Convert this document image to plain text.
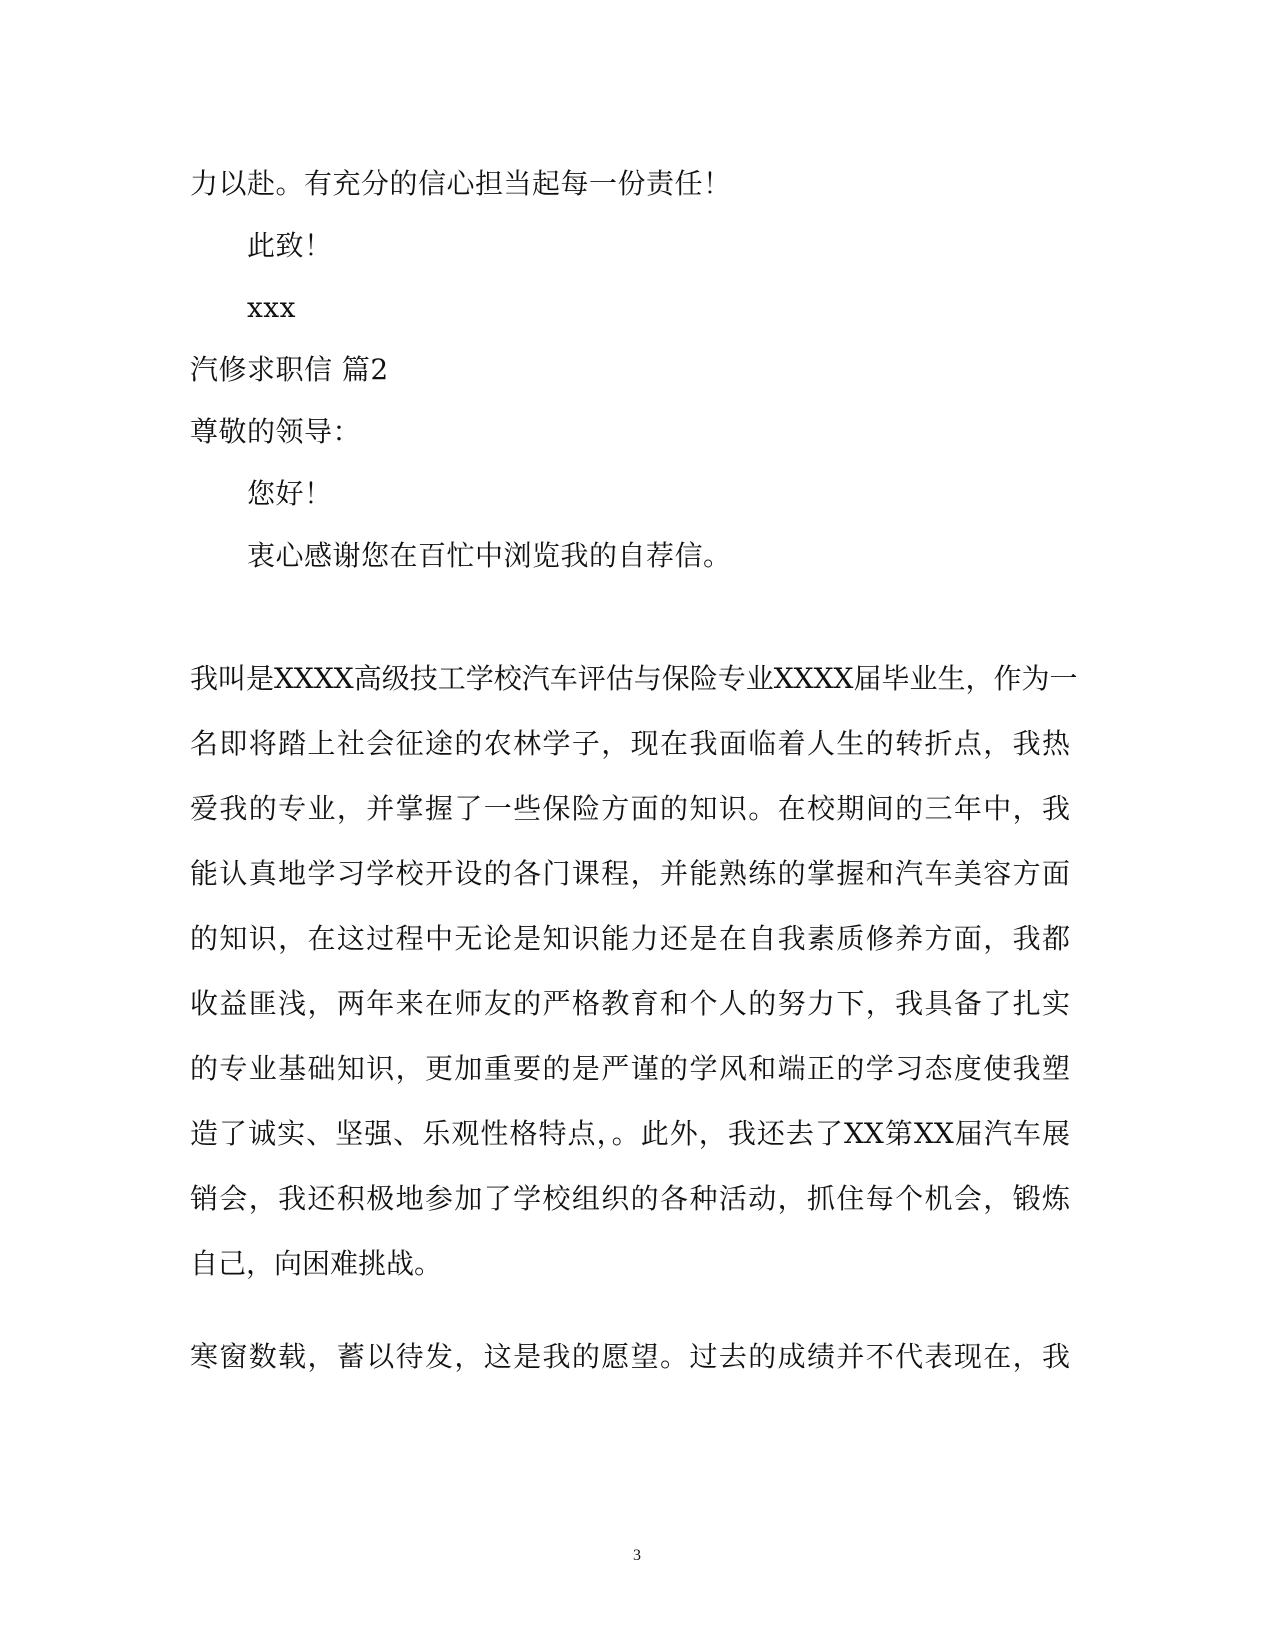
力以赴。有充分的信心担当起每一份责任！
此致！
xxx
汽修求职信 篇2
尊敬的领导：
您好！
衷心感谢您在百忙中浏览我的自荐信。
我叫是XXXX高级技工学校汽车评估与保险专业XXXX届毕业生，作为一
名即将踏上社会征途的农林学子，现在我面临着人生的转折点，我热
爱我的专业，并掌握了一些保险方面的知识。在校期间的三年中，我
能认真地学习学校开设的各门课程，并能熟练的掌握和汽车美容方面
的知识，在这过程中无论是知识能力还是在自我素质修养方面，我都
收益匪浅，两年来在师友的严格教育和个人的努力下，我具备了扎实
的专业基础知识，更加重要的是严谨的学风和端正的学习态度使我塑
造了诚实、坚强、乐观性格特点，。此外，我还去了XX第XX届汽车展
销会，我还积极地参加了学校组织的各种活动，抓住每个机会，锻炼
自己，向困难挑战。
寒窗数载，蓄以待发，这是我的愿望。过去的成绩并不代表现在，我
3
